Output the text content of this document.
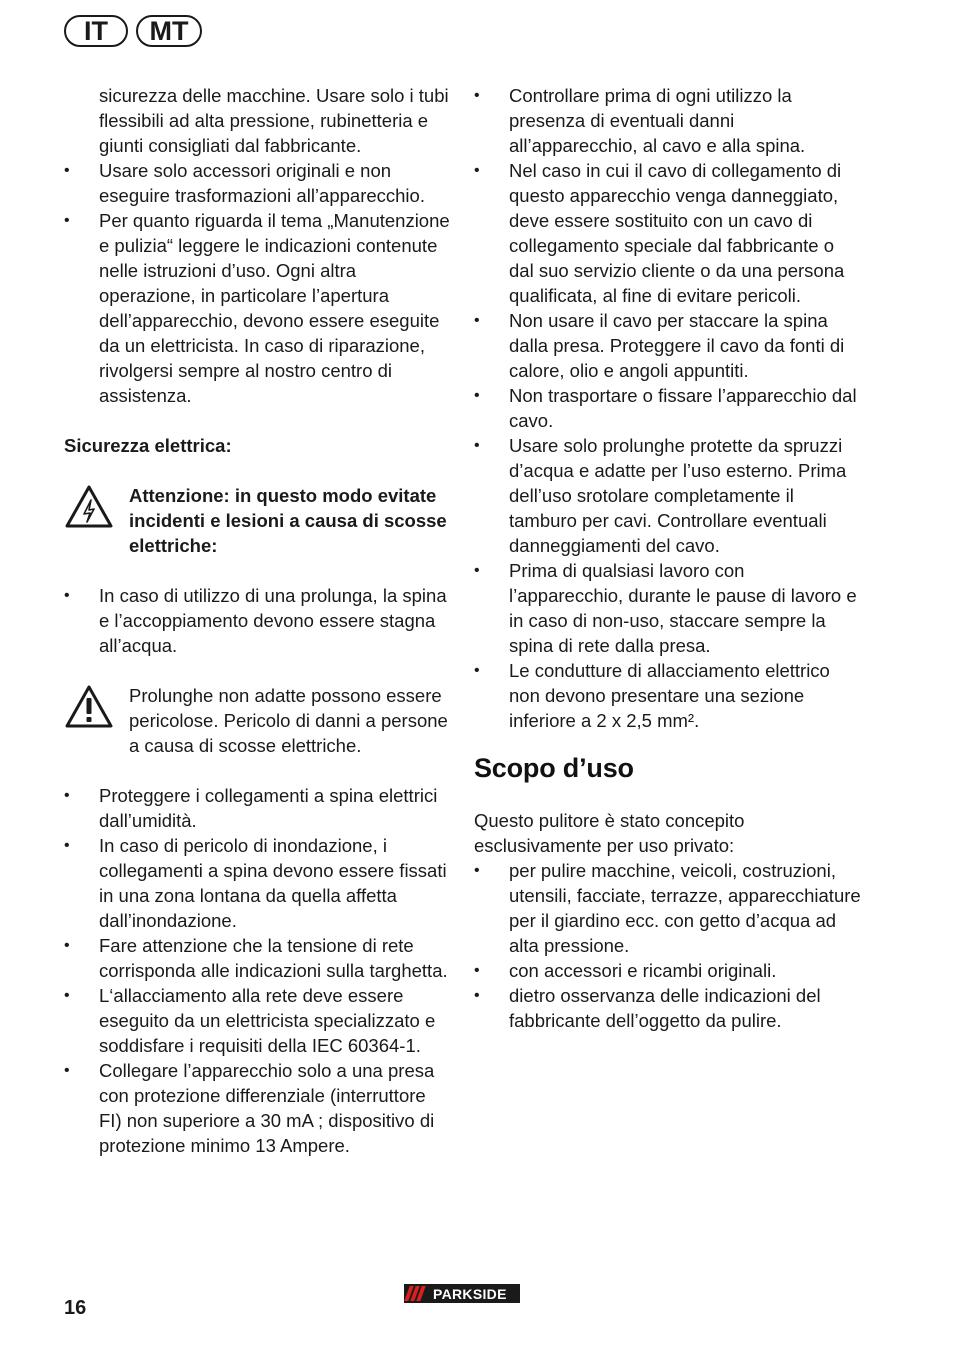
IT	MT

sicurezza delle macchine. Usare solo i tubi flessibili ad alta pressione, rubinetteria e giunti consigliati dal fabbricante.

• Usare solo accessori originali e non eseguire trasformazioni all’apparecchio.
• Per quanto riguarda il tema „Manutenzione e pulizia“ leggere le indicazioni contenute nelle istruzioni d’uso. Ogni altra operazione, in particolare l’apertura dell’apparecchio, devono essere eseguite da un elettricista. In caso di riparazione, rivolgersi sempre al nostro centro di assistenza.

Sicurezza elettrica:

Attenzione: in questo modo evitate incidenti e lesioni a causa di scosse elettriche:
• In caso di utilizzo di una prolunga, la spina e l’accoppiamento devono essere stagna all’acqua.
Prolunghe non adatte possono essere pericolose. Pericolo di danni a persone a causa di scosse elettriche.
• Proteggere i collegamenti a spina elettrici dall’umidità.
• In caso di pericolo di inondazione, i collegamenti a spina devono essere fissati in una zona lontana da quella affetta dall’inondazione.
• Fare attenzione che la tensione di rete corrisponda alle indicazioni sulla targhetta.
• L‘allacciamento alla rete deve essere eseguito da un elettricista specializzato e soddisfare i requisiti della IEC 60364-1.
• Collegare l’apparecchio solo a una presa con protezione differenziale (interruttore FI) non superiore a 30 mA ; dispositivo di protezione minimo 13 Ampere.
• Controllare prima di ogni utilizzo la presenza di eventuali danni all’apparecchio, al cavo e alla spina.
• Nel caso in cui il cavo di collegamento di questo apparecchio venga danneggiato, deve essere sostituito con un cavo di collegamento speciale dal fabbricante o dal suo servizio cliente o da una persona qualificata, al fine di evitare pericoli.
• Non usare il cavo per staccare la spina dalla presa. Proteggere il cavo da fonti di calore, olio e angoli appuntiti.
• Non trasportare o fissare l’apparecchio dal cavo.
• Usare solo prolunghe protette da spruzzi d’acqua e adatte per l’uso esterno. Prima dell’uso srotolare completamente il tamburo per cavi. Controllare eventuali danneggiamenti del cavo.
• Prima di qualsiasi lavoro con l’apparecchio, durante le pause di lavoro e in caso di non-uso, staccare sempre la spina di rete dalla presa.
• Le condutture di allacciamento elettrico non devono presentare una sezione inferiore a 2 x 2,5 mm².
Scopo d’uso

Questo pulitore è stato concepito esclusivamente per uso privato:

• per pulire macchine, veicoli, costruzioni, utensili, facciate, terrazze, apparecchiature per il giardino ecc. con getto d’acqua ad alta pressione.
• con accessori e ricambi originali.
• dietro osservanza delle indicazioni del fabbricante dell’oggetto da pulire.
16
PARKSIDE
